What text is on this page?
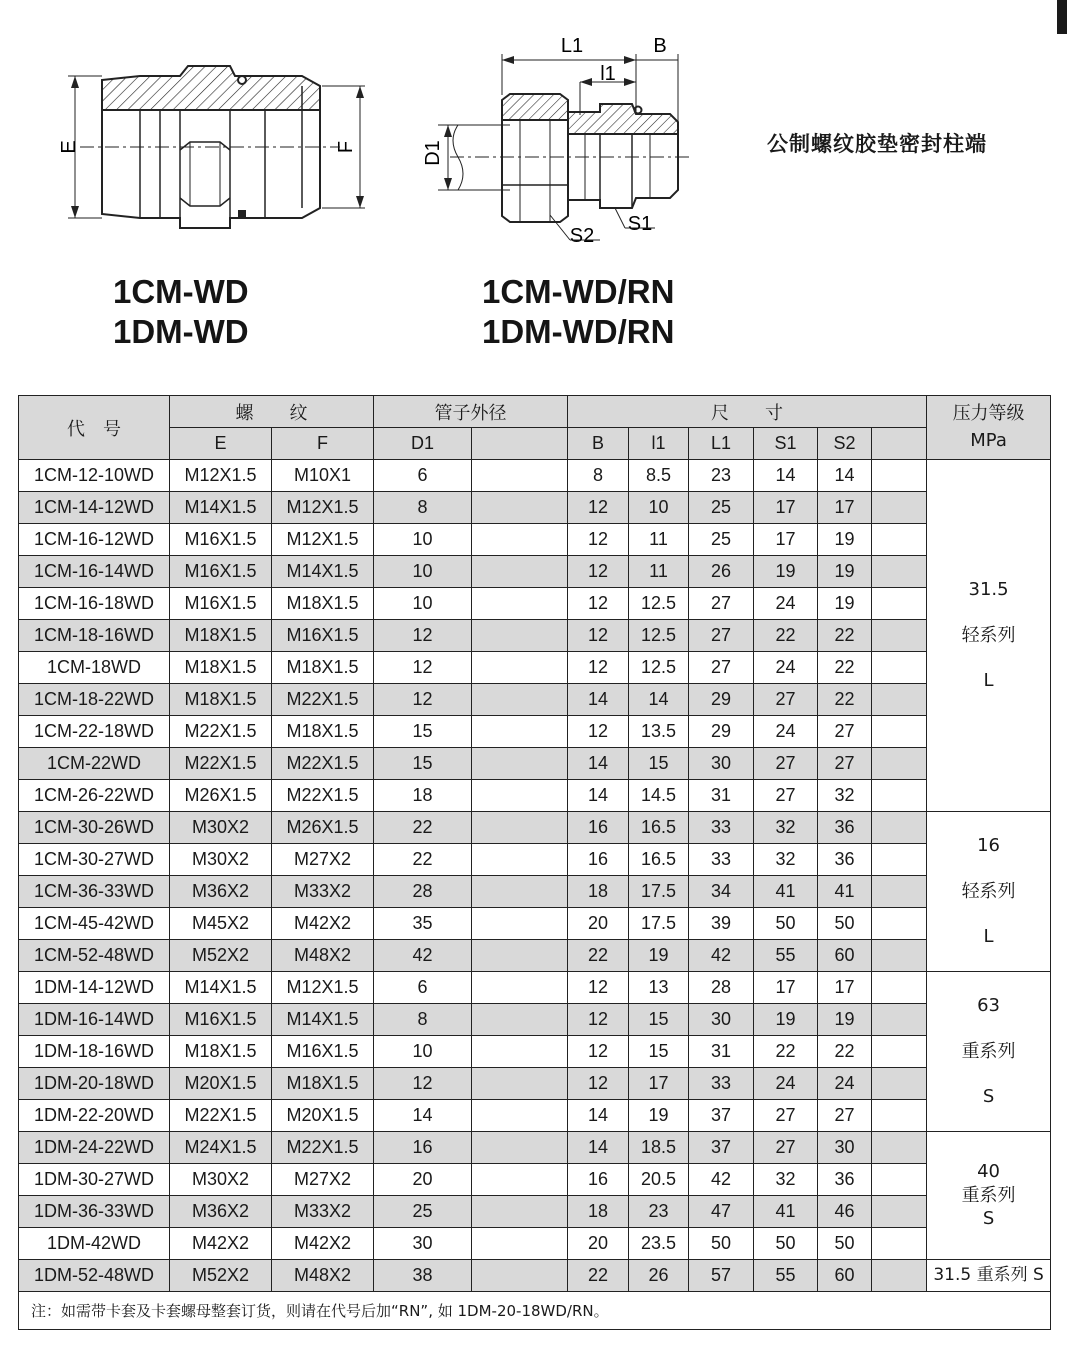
E	F
L1	B
l1
D1
S1
S2
1CM-WD
1DM-WD
1CM-WD/RN
1DM-WD/RN
公制螺纹胶垫密封柱端
代　号	螺　　纹		管子外径		尺　　寸						压力等级
MPa

	E	F	D1		B	l1	L1	S1	S2		
1CM-12-10WD	M12X1.5	M10X1	6		8	8.5	23	14	14		31.5
轻系列
L

1CM-14-12WD	M14X1.5	M12X1.5	8		12	10	25	17	17		
1CM-16-12WD	M16X1.5	M12X1.5	10		12	11	25	17	19		
1CM-16-14WD	M16X1.5	M14X1.5	10		12	11	26	19	19		
1CM-16-18WD	M16X1.5	M18X1.5	10		12	12.5	27	24	19		
1CM-18-16WD	M18X1.5	M16X1.5	12		12	12.5	27	22	22		
1CM-18WD	M18X1.5	M18X1.5	12		12	12.5	27	24	22		
1CM-18-22WD	M18X1.5	M22X1.5	12		14	14	29	27	22		
1CM-22-18WD	M22X1.5	M18X1.5	15		12	13.5	29	24	27		
1CM-22WD	M22X1.5	M22X1.5	15		14	15	30	27	27		
1CM-26-22WD	M26X1.5	M22X1.5	18		14	14.5	31	27	32		
1CM-30-26WD	M30X2	M26X1.5	22		16	16.5	33	32	36		16
轻系列
L

1CM-30-27WD	M30X2	M27X2	22		16	16.5	33	32	36		
1CM-36-33WD	M36X2	M33X2	28		18	17.5	34	41	41		
1CM-45-42WD	M45X2	M42X2	35		20	17.5	39	50	50		
1CM-52-48WD	M52X2	M48X2	42		22	19	42	55	60		
1DM-14-12WD	M14X1.5	M12X1.5	6		12	13	28	17	17		63
重系列
S

1DM-16-14WD	M16X1.5	M14X1.5	8		12	15	30	19	19		
1DM-18-16WD	M18X1.5	M16X1.5	10		12	15	31	22	22		
1DM-20-18WD	M20X1.5	M18X1.5	12		12	17	33	24	24		
1DM-22-20WD	M22X1.5	M20X1.5	14		14	19	37	27	27		
1DM-24-22WD	M24X1.5	M22X1.5	16		14	18.5	37	27	30		40
重系列
S

1DM-30-27WD	M30X2	M27X2	20		16	20.5	42	32	36		
1DM-36-33WD	M36X2	M33X2	25		18	23	47	41	46		
1DM-42WD	M42X2	M42X2	30		20	23.5	50	50	50		
1DM-52-48WD	M52X2	M48X2	38		22	26	57	55	60		31.5 重系列 S

注：如需带卡套及卡套螺母整套订货，则请在代号后加“RN”, 如 1DM-20-18WD/RN。											
